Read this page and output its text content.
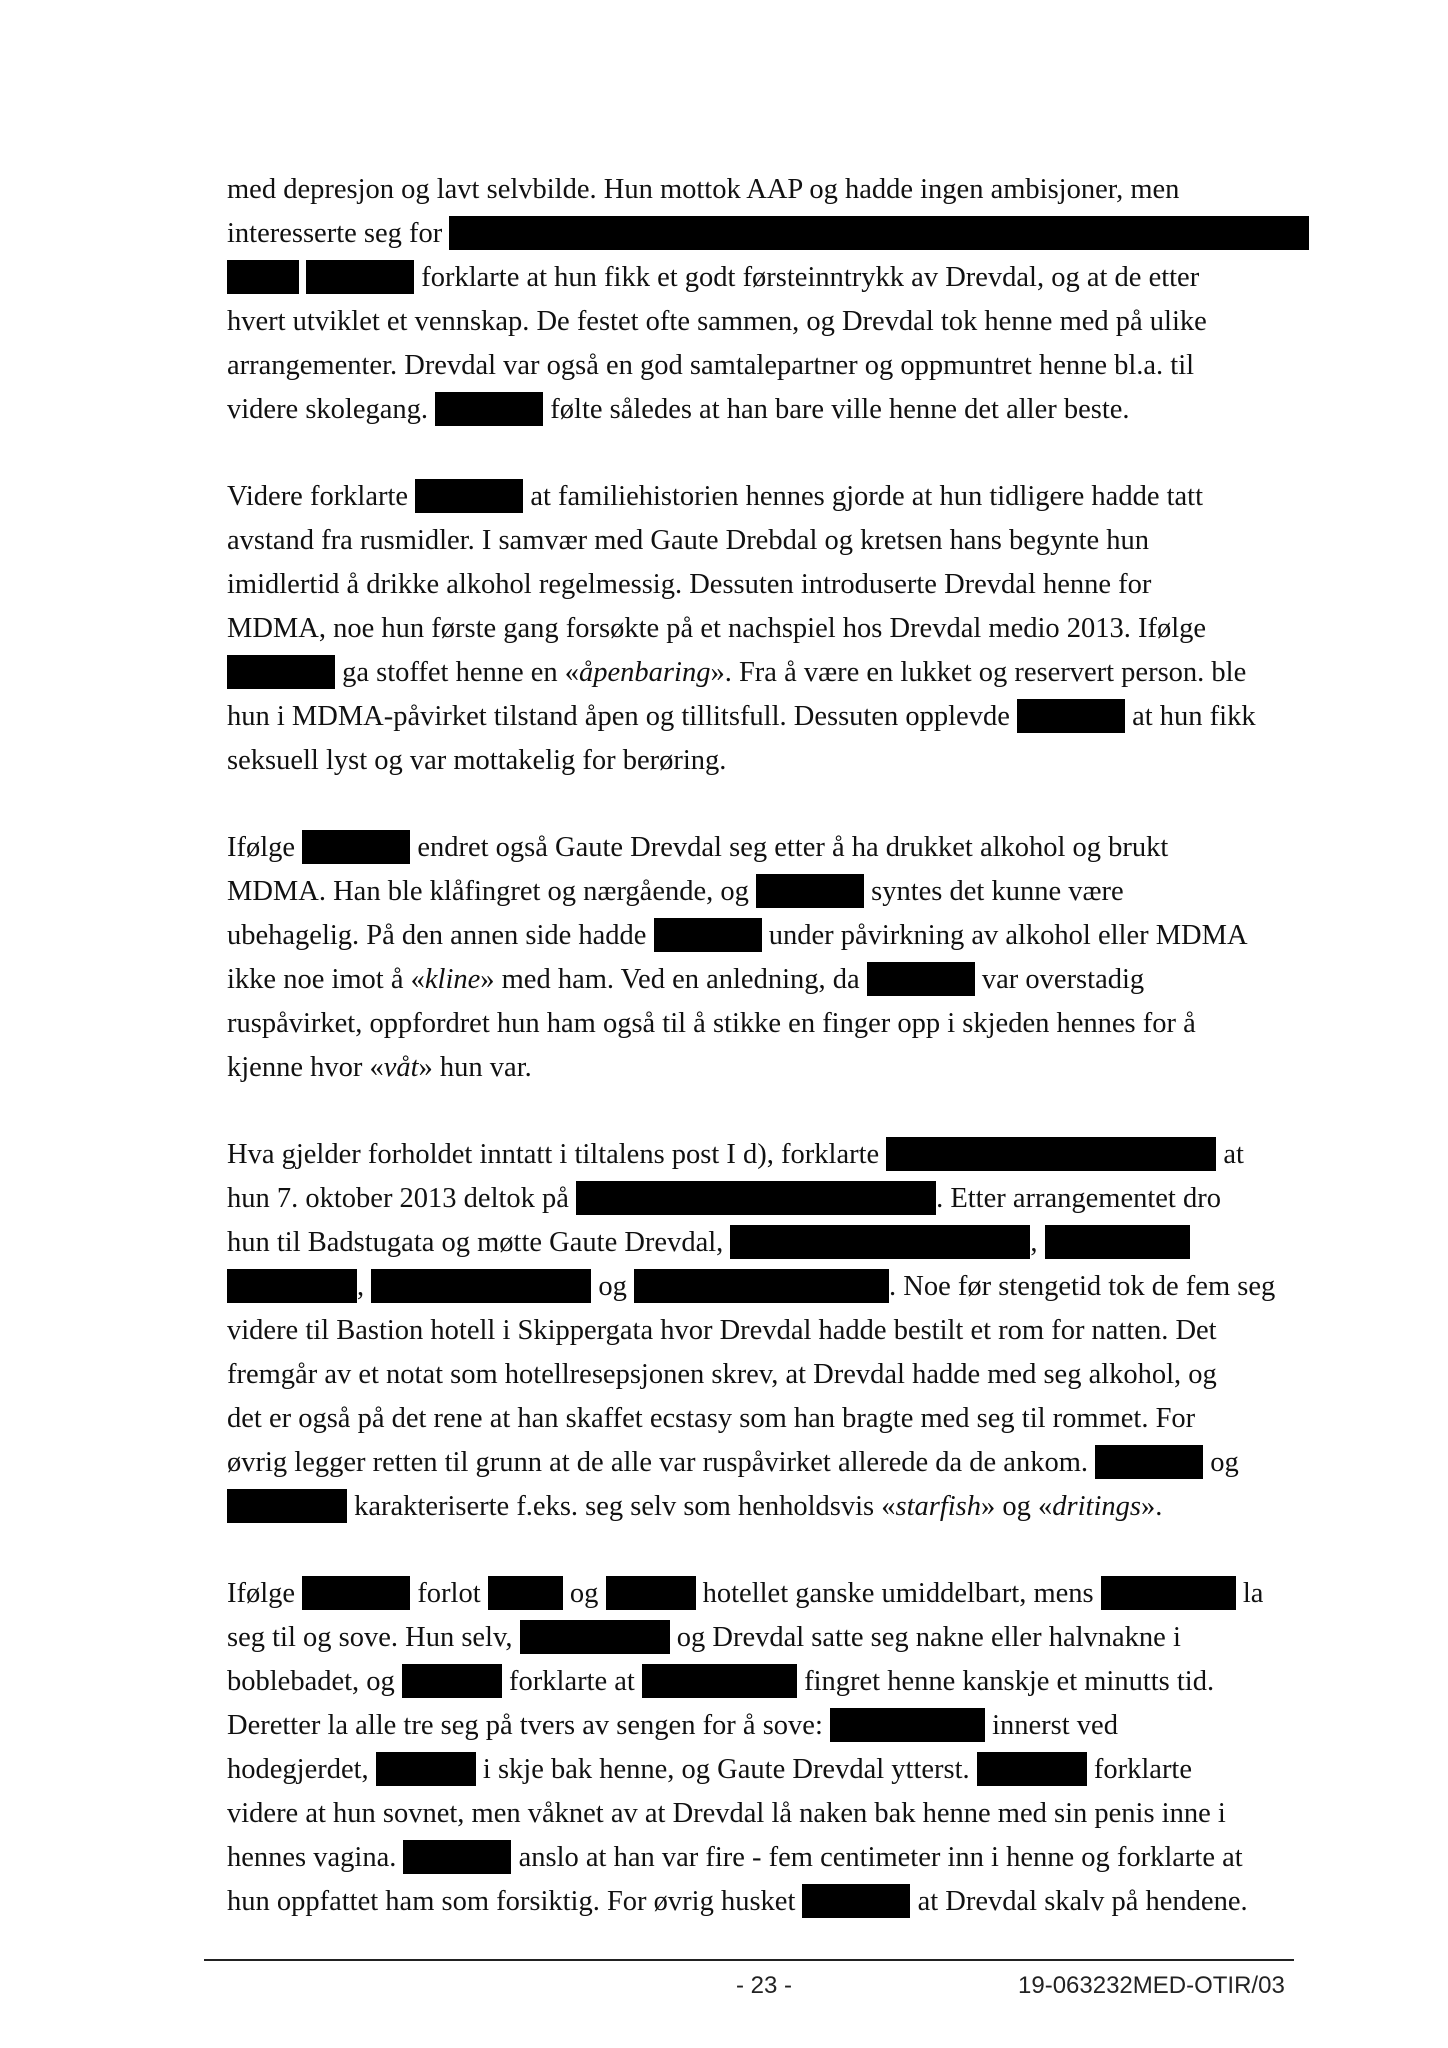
med depresjon og lavt selvbilde. Hun mottok AAP og hadde ingen ambisjoner, men

interesserte seg for

forklarte at hun fikk et godt førsteinntrykk av Drevdal, og at de etter

hvert utviklet et vennskap. De festet ofte sammen, og Drevdal tok henne med på ulike

arrangementer. Drevdal var også en god samtalepartner og oppmuntret henne bl.a. til

videre skolegang.	følte således at han bare ville henne det aller beste.

Videre forklarte	at familiehistorien hennes gjorde at hun tidligere hadde tatt

avstand fra rusmidler. I samvær med Gaute Drebdal og kretsen hans begynte hun

imidlertid å drikke alkohol regelmessig. Dessuten introduserte Drevdal henne for

MDMA, noe hun første gang forsøkte på et nachspiel hos Drevdal medio 2013. Ifølge

ga stoffet henne en «åpenbaring». Fra å være en lukket og reservert person. ble

hun i MDMA-påvirket tilstand åpen og tillitsfull. Dessuten opplevde	at hun fikk

seksuell lyst og var mottakelig for berøring.

Ifølge	endret også Gaute Drevdal seg etter å ha drukket alkohol og brukt

MDMA. Han ble klåfingret og nærgående, og	syntes det kunne være

ubehagelig. På den annen side hadde	under påvirkning av alkohol eller MDMA

ikke noe imot å «kline» med ham. Ved en anledning, da	var overstadig

ruspåvirket, oppfordret hun ham også til å stikke en finger opp i skjeden hennes for å

kjenne hvor «våt» hun var.

Hva gjelder forholdet inntatt i tiltalens post I d), forklarte	at

hun 7. oktober 2013 deltok på	. Etter arrangementet dro

hun til Badstugata og møtte Gaute Drevdal,	,

,	og	. Noe før stengetid tok de fem seg

videre til Bastion hotell i Skippergata hvor Drevdal hadde bestilt et rom for natten. Det

fremgår av et notat som hotellresepsjonen skrev, at Drevdal hadde med seg alkohol, og

det er også på det rene at han skaffet ecstasy som han bragte med seg til rommet. For

øvrig legger retten til grunn at de alle var ruspåvirket allerede da de ankom.	og

karakteriserte f.eks. seg selv som henholdsvis «starfish» og «dritings».

Ifølge	forlot	og	hotellet ganske umiddelbart, mens	la

seg til og sove. Hun selv,	og Drevdal satte seg nakne eller halvnakne i

boblebadet, og	forklarte at	fingret henne kanskje et minutts tid.

Deretter la alle tre seg på tvers av sengen for å sove:	innerst ved

hodegjerdet,	i skje bak henne, og Gaute Drevdal ytterst.	forklarte

videre at hun sovnet, men våknet av at Drevdal lå naken bak henne med sin penis inne i

hennes vagina.	anslo at han var fire - fem centimeter inn i henne og forklarte at

hun oppfattet ham som forsiktig. For øvrig husket	at Drevdal skalv på hendene.

- 23 -	19-063232MED-OTIR/03
